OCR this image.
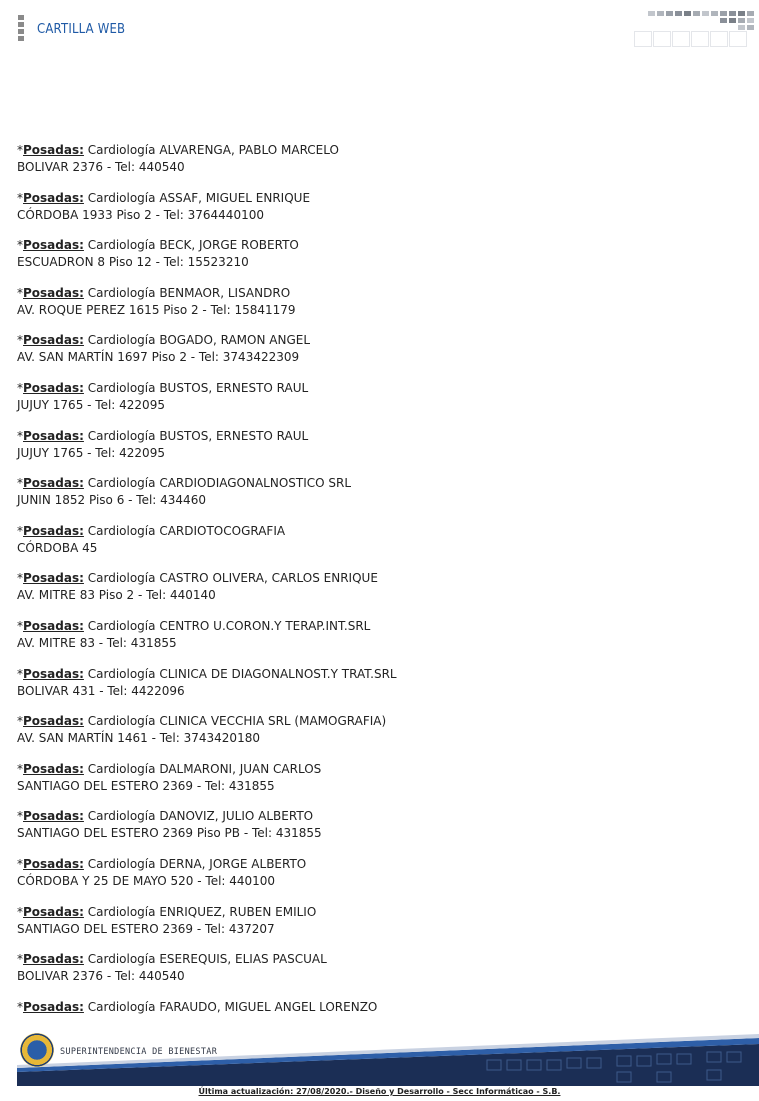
CARTILLA WEB
*Posadas: Cardiología ALVARENGA, PABLO MARCELO
BOLIVAR 2376 - Tel: 440540
*Posadas: Cardiología ASSAF, MIGUEL ENRIQUE
CÓRDOBA 1933 Piso 2 - Tel: 3764440100
*Posadas: Cardiología BECK, JORGE ROBERTO
ESCUADRON 8 Piso 12 - Tel: 15523210
*Posadas: Cardiología BENMAOR, LISANDRO
AV. ROQUE PEREZ 1615 Piso 2 - Tel: 15841179
*Posadas: Cardiología BOGADO, RAMON ANGEL
AV. SAN MARTÍN 1697 Piso 2 - Tel: 3743422309
*Posadas: Cardiología BUSTOS, ERNESTO RAUL
JUJUY 1765 - Tel: 422095
*Posadas: Cardiología BUSTOS, ERNESTO RAUL
JUJUY 1765 - Tel: 422095
*Posadas: Cardiología CARDIODIAGONALNOSTICO SRL
JUNIN 1852 Piso 6 - Tel: 434460
*Posadas: Cardiología CARDIOTOCOGRAFIA
CÓRDOBA 45
*Posadas: Cardiología CASTRO OLIVERA, CARLOS ENRIQUE
AV. MITRE 83 Piso 2 - Tel: 440140
*Posadas: Cardiología CENTRO U.CORON.Y TERAP.INT.SRL
AV. MITRE 83 - Tel: 431855
*Posadas: Cardiología CLINICA DE DIAGONALNOST.Y TRAT.SRL
BOLIVAR 431 - Tel: 4422096
*Posadas: Cardiología CLINICA VECCHIA SRL (MAMOGRAFIA)
AV. SAN MARTÍN 1461 - Tel: 3743420180
*Posadas: Cardiología DALMARONI, JUAN CARLOS
SANTIAGO DEL ESTERO 2369 - Tel: 431855
*Posadas: Cardiología DANOVIZ, JULIO ALBERTO
SANTIAGO DEL ESTERO 2369 Piso PB - Tel: 431855
*Posadas: Cardiología DERNA, JORGE ALBERTO
CÓRDOBA Y 25 DE MAYO 520 - Tel: 440100
*Posadas: Cardiología ENRIQUEZ, RUBEN EMILIO
SANTIAGO DEL ESTERO 2369 - Tel: 437207
*Posadas: Cardiología ESEREQUIS, ELIAS PASCUAL
BOLIVAR 2376 - Tel: 440540
*Posadas: Cardiología FARAUDO, MIGUEL ANGEL LORENZO
SUPERINTENDENCIA DE BIENESTAR
Última actualización: 27/08/2020.- Diseño y Desarrollo - Secc Informáticao - S.B.
